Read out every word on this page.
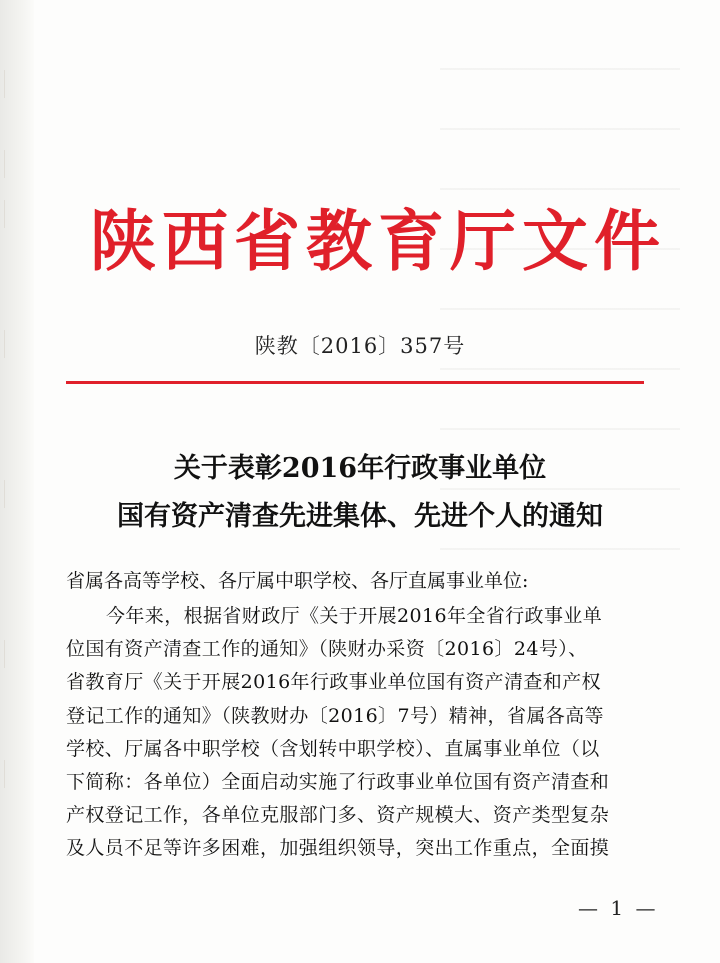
陕西省教育厅文件
陕教〔2016〕357号
关于表彰2016年行政事业单位
国有资产清查先进集体、先进个人的通知
省属各高等学校、各厅属中职学校、各厅直属事业单位:
今年来，根据省财政厅《关于开展2016年全省行政事业单
位国有资产清查工作的通知》（陕财办采资〔2016〕24号）、
省教育厅《关于开展2016年行政事业单位国有资产清查和产权
登记工作的通知》（陕教财办〔2016〕7号）精神，省属各高等
学校、厅属各中职学校（含划转中职学校）、直属事业单位（以
下简称：各单位）全面启动实施了行政事业单位国有资产清查和
产权登记工作，各单位克服部门多、资产规模大、资产类型复杂
及人员不足等许多困难，加强组织领导，突出工作重点，全面摸
— 1 —
